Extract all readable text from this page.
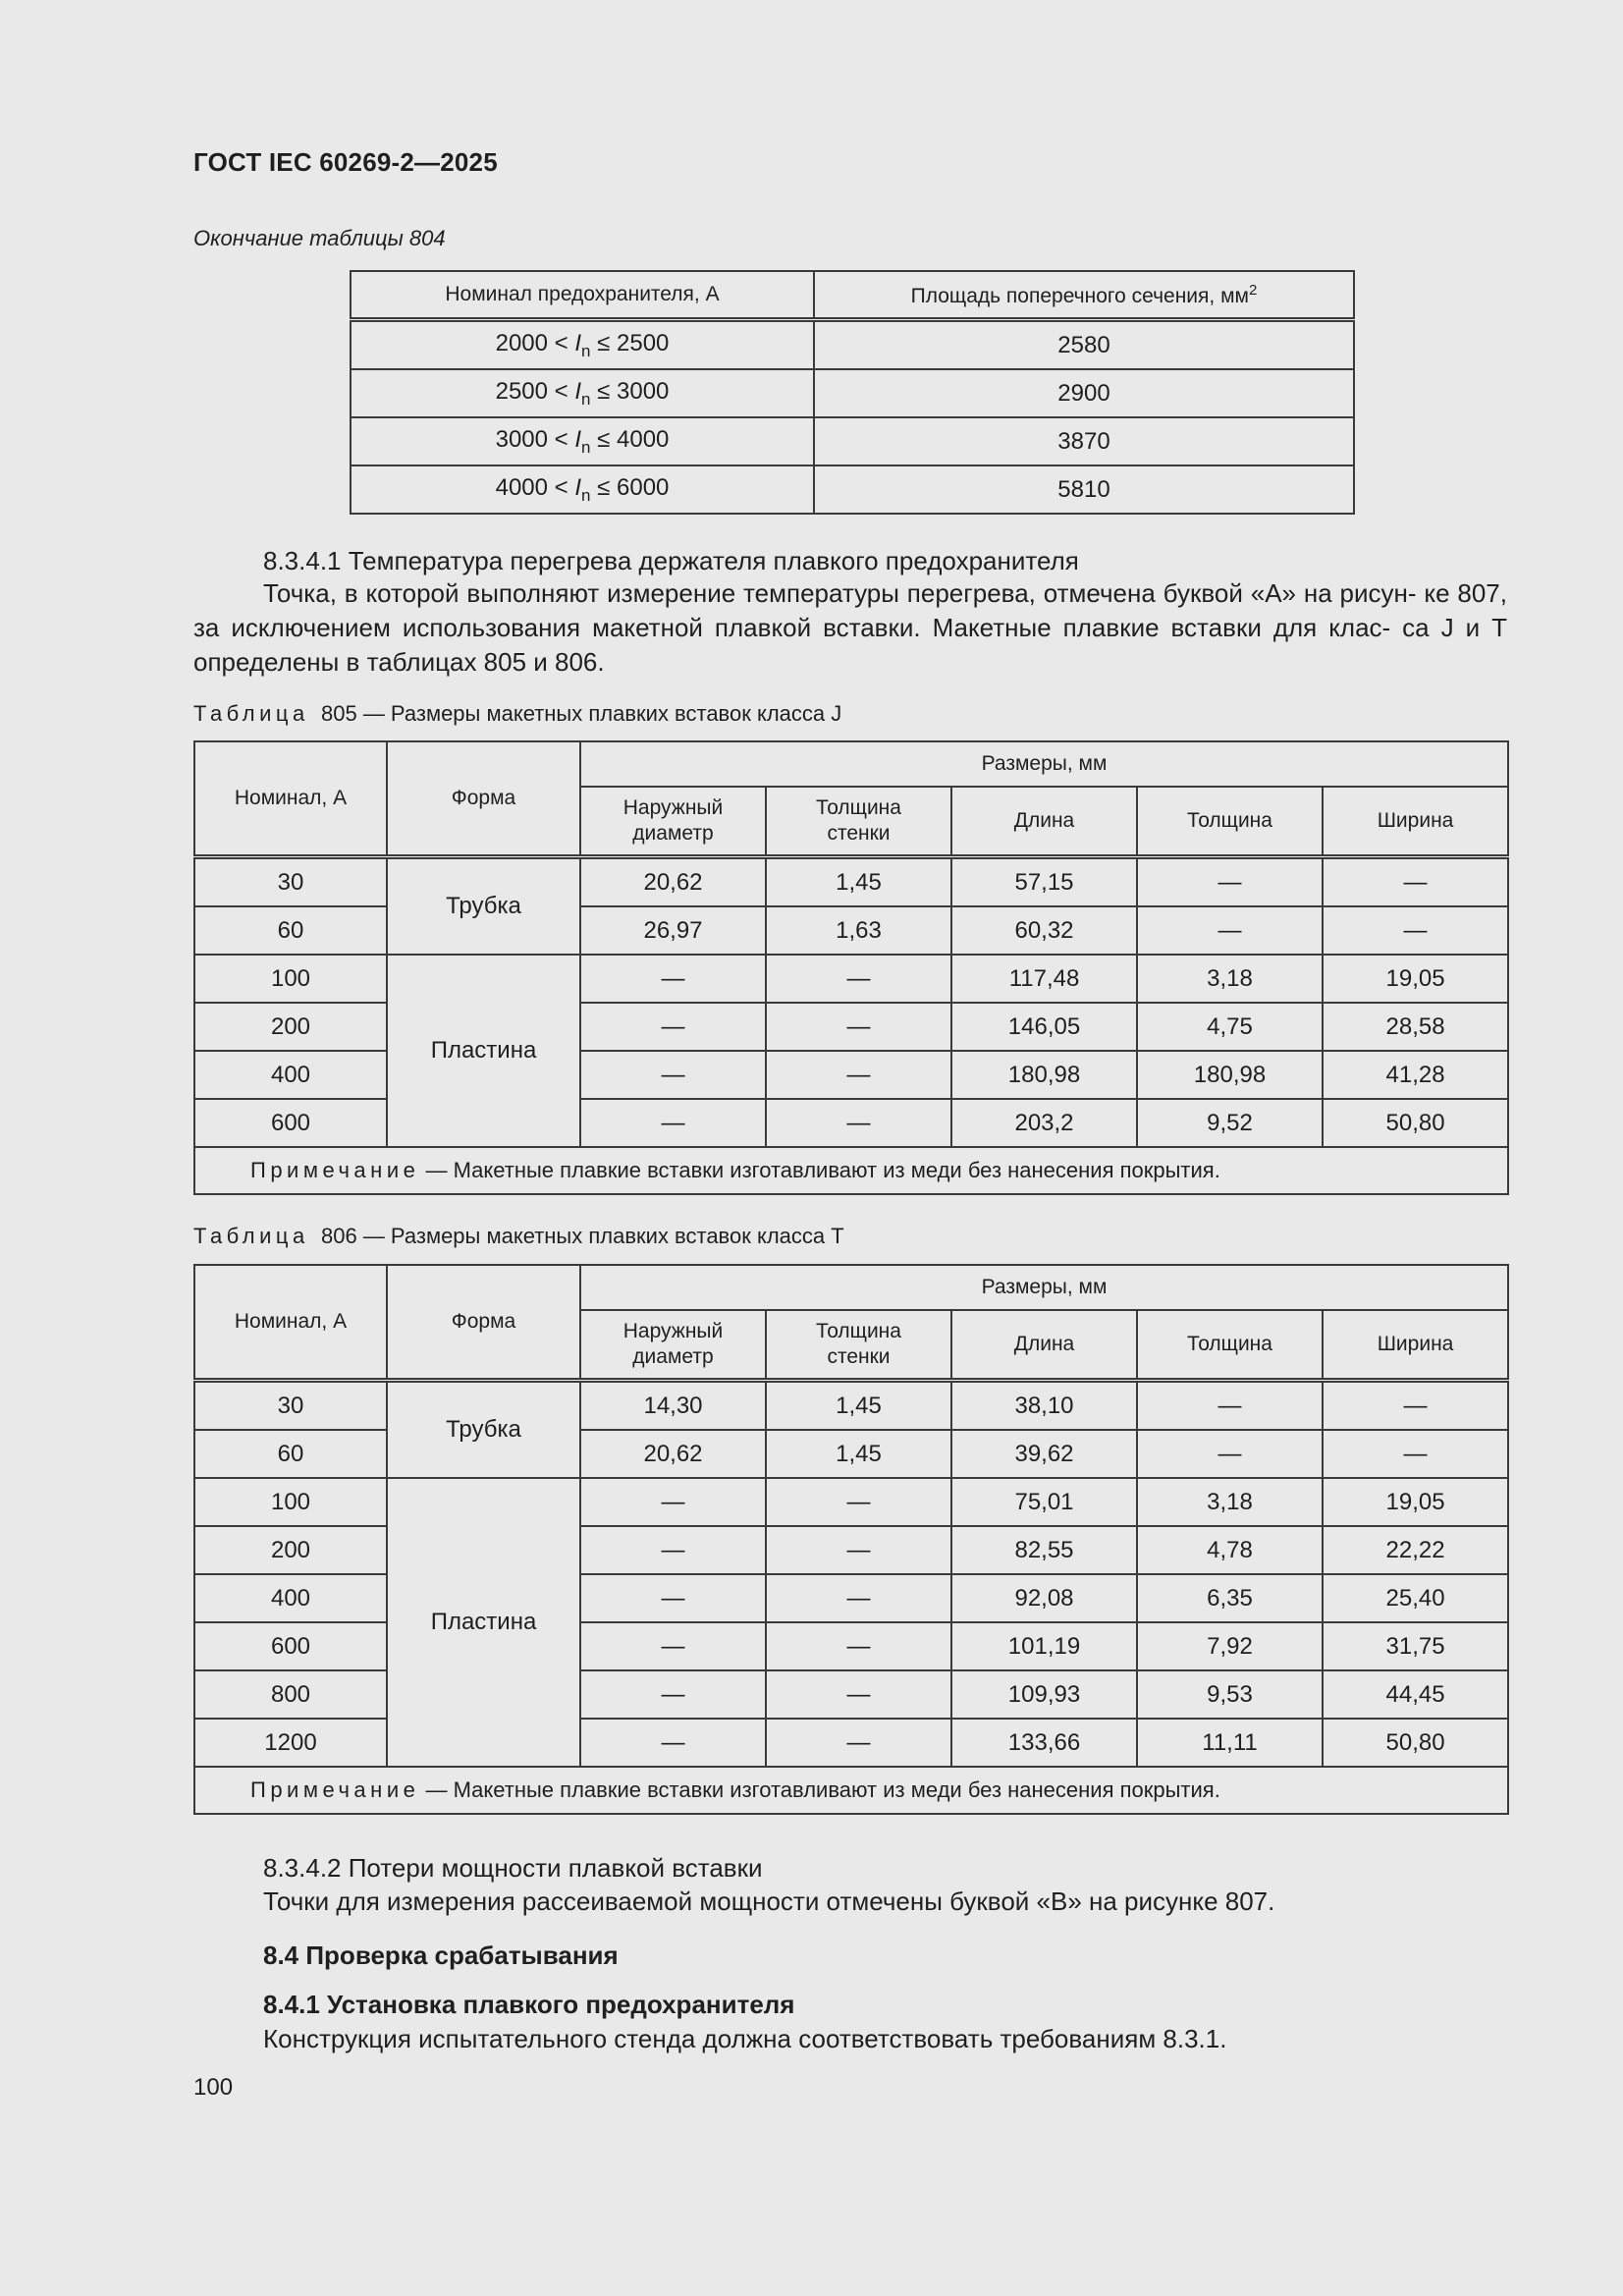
ГОСТ IEC 60269-2—2025
Окончание таблицы 804
Номинал предохранителя, А	Площадь поперечного сечения, $мм^2$
$2000 < I_n \le 2500$	2580
$2500 < I_n \le 3000$	2900
$3000 < I_n \le 4000$	3870
$4000 < I_n \le 6000$	5810
8.3.4.1 Температура перегрева держателя плавкого предохранителя
Точка, в которой выполняют измерение температуры перегрева, отмечена буквой «А» на рисун- ке 807, за исключением использования макетной плавкой вставки. Макетные плавкие вставки для клас- са J и Т определены в таблицах 805 и 806.
Таблица 805 — Размеры макетных плавких вставок класса J
Номинал, А	Форма	Размеры, мм				
		Наружный диаметр	Толщина стенки	Длина	Толщина	Ширина
30	Трубка	20,62	1,45	57,15	—	—
60		26,97	1,63	60,32	—	—
100	Пластина	—	—	117,48	3,18	19,05
200		—	—	146,05	4,75	28,58
400		—	—	180,98	180,98	41,28
600		—	—	203,2	9,52	50,80
Примечание — Макетные плавкие вставки изготавливают из меди без нанесения покрытия.						
Таблица 806 — Размеры макетных плавких вставок класса Т
Номинал, А	Форма	Размеры, мм				
		Наружный диаметр	Толщина стенки	Длина	Толщина	Ширина
30	Трубка	14,30	1,45	38,10	—	—
60		20,62	1,45	39,62	—	—
100	Пластина	—	—	75,01	3,18	19,05
200		—	—	82,55	4,78	22,22
400		—	—	92,08	6,35	25,40
600		—	—	101,19	7,92	31,75
800		—	—	109,93	9,53	44,45
1200		—	—	133,66	11,11	50,80
Примечание — Макетные плавкие вставки изготавливают из меди без нанесения покрытия.						
8.3.4.2 Потери мощности плавкой вставки
Точки для измерения рассеиваемой мощности отмечены буквой «В» на рисунке 807.
8.4 Проверка срабатывания
8.4.1 Установка плавкого предохранителя
Конструкция испытательного стенда должна соответствовать требованиям 8.3.1.
100
